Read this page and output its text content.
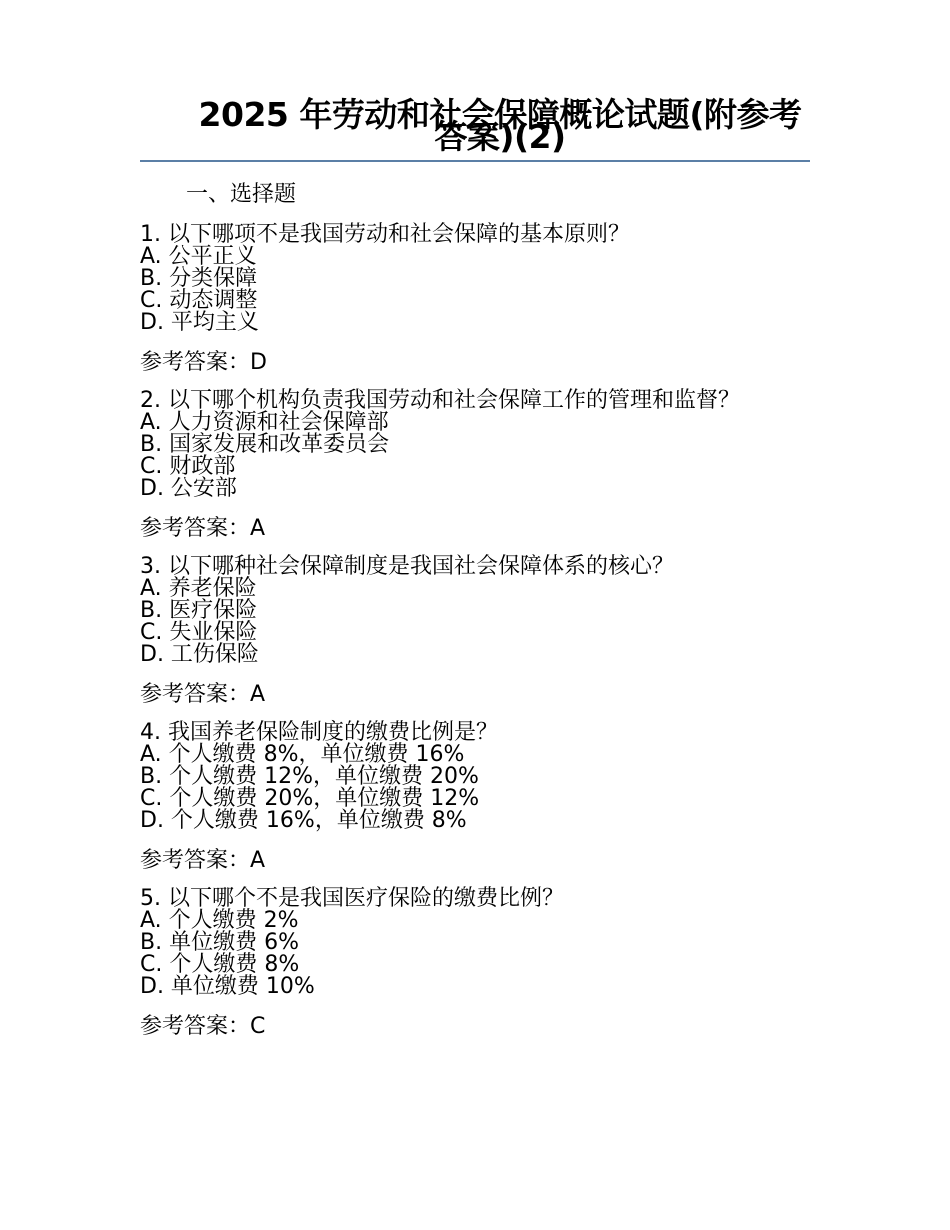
2025 年劳动和社会保障概论试题(附参考答案)(2)
一、选择题

1. 以下哪项不是我国劳动和社会保障的基本原则？

A. 公平正义

B. 分类保障

C. 动态调整

D. 平均主义

参考答案：D

2. 以下哪个机构负责我国劳动和社会保障工作的管理和监督？

A. 人力资源和社会保障部

B. 国家发展和改革委员会

C. 财政部

D. 公安部

参考答案：A

3. 以下哪种社会保障制度是我国社会保障体系的核心？

A. 养老保险

B. 医疗保险

C. 失业保险

D. 工伤保险

参考答案：A

4. 我国养老保险制度的缴费比例是？

A. 个人缴费 8%，单位缴费 16%

B. 个人缴费 12%，单位缴费 20%

C. 个人缴费 20%，单位缴费 12%

D. 个人缴费 16%，单位缴费 8%

参考答案：A

5. 以下哪个不是我国医疗保险的缴费比例？

A. 个人缴费 2%

B. 单位缴费 6%

C. 个人缴费 8%

D. 单位缴费 10%

参考答案：C
